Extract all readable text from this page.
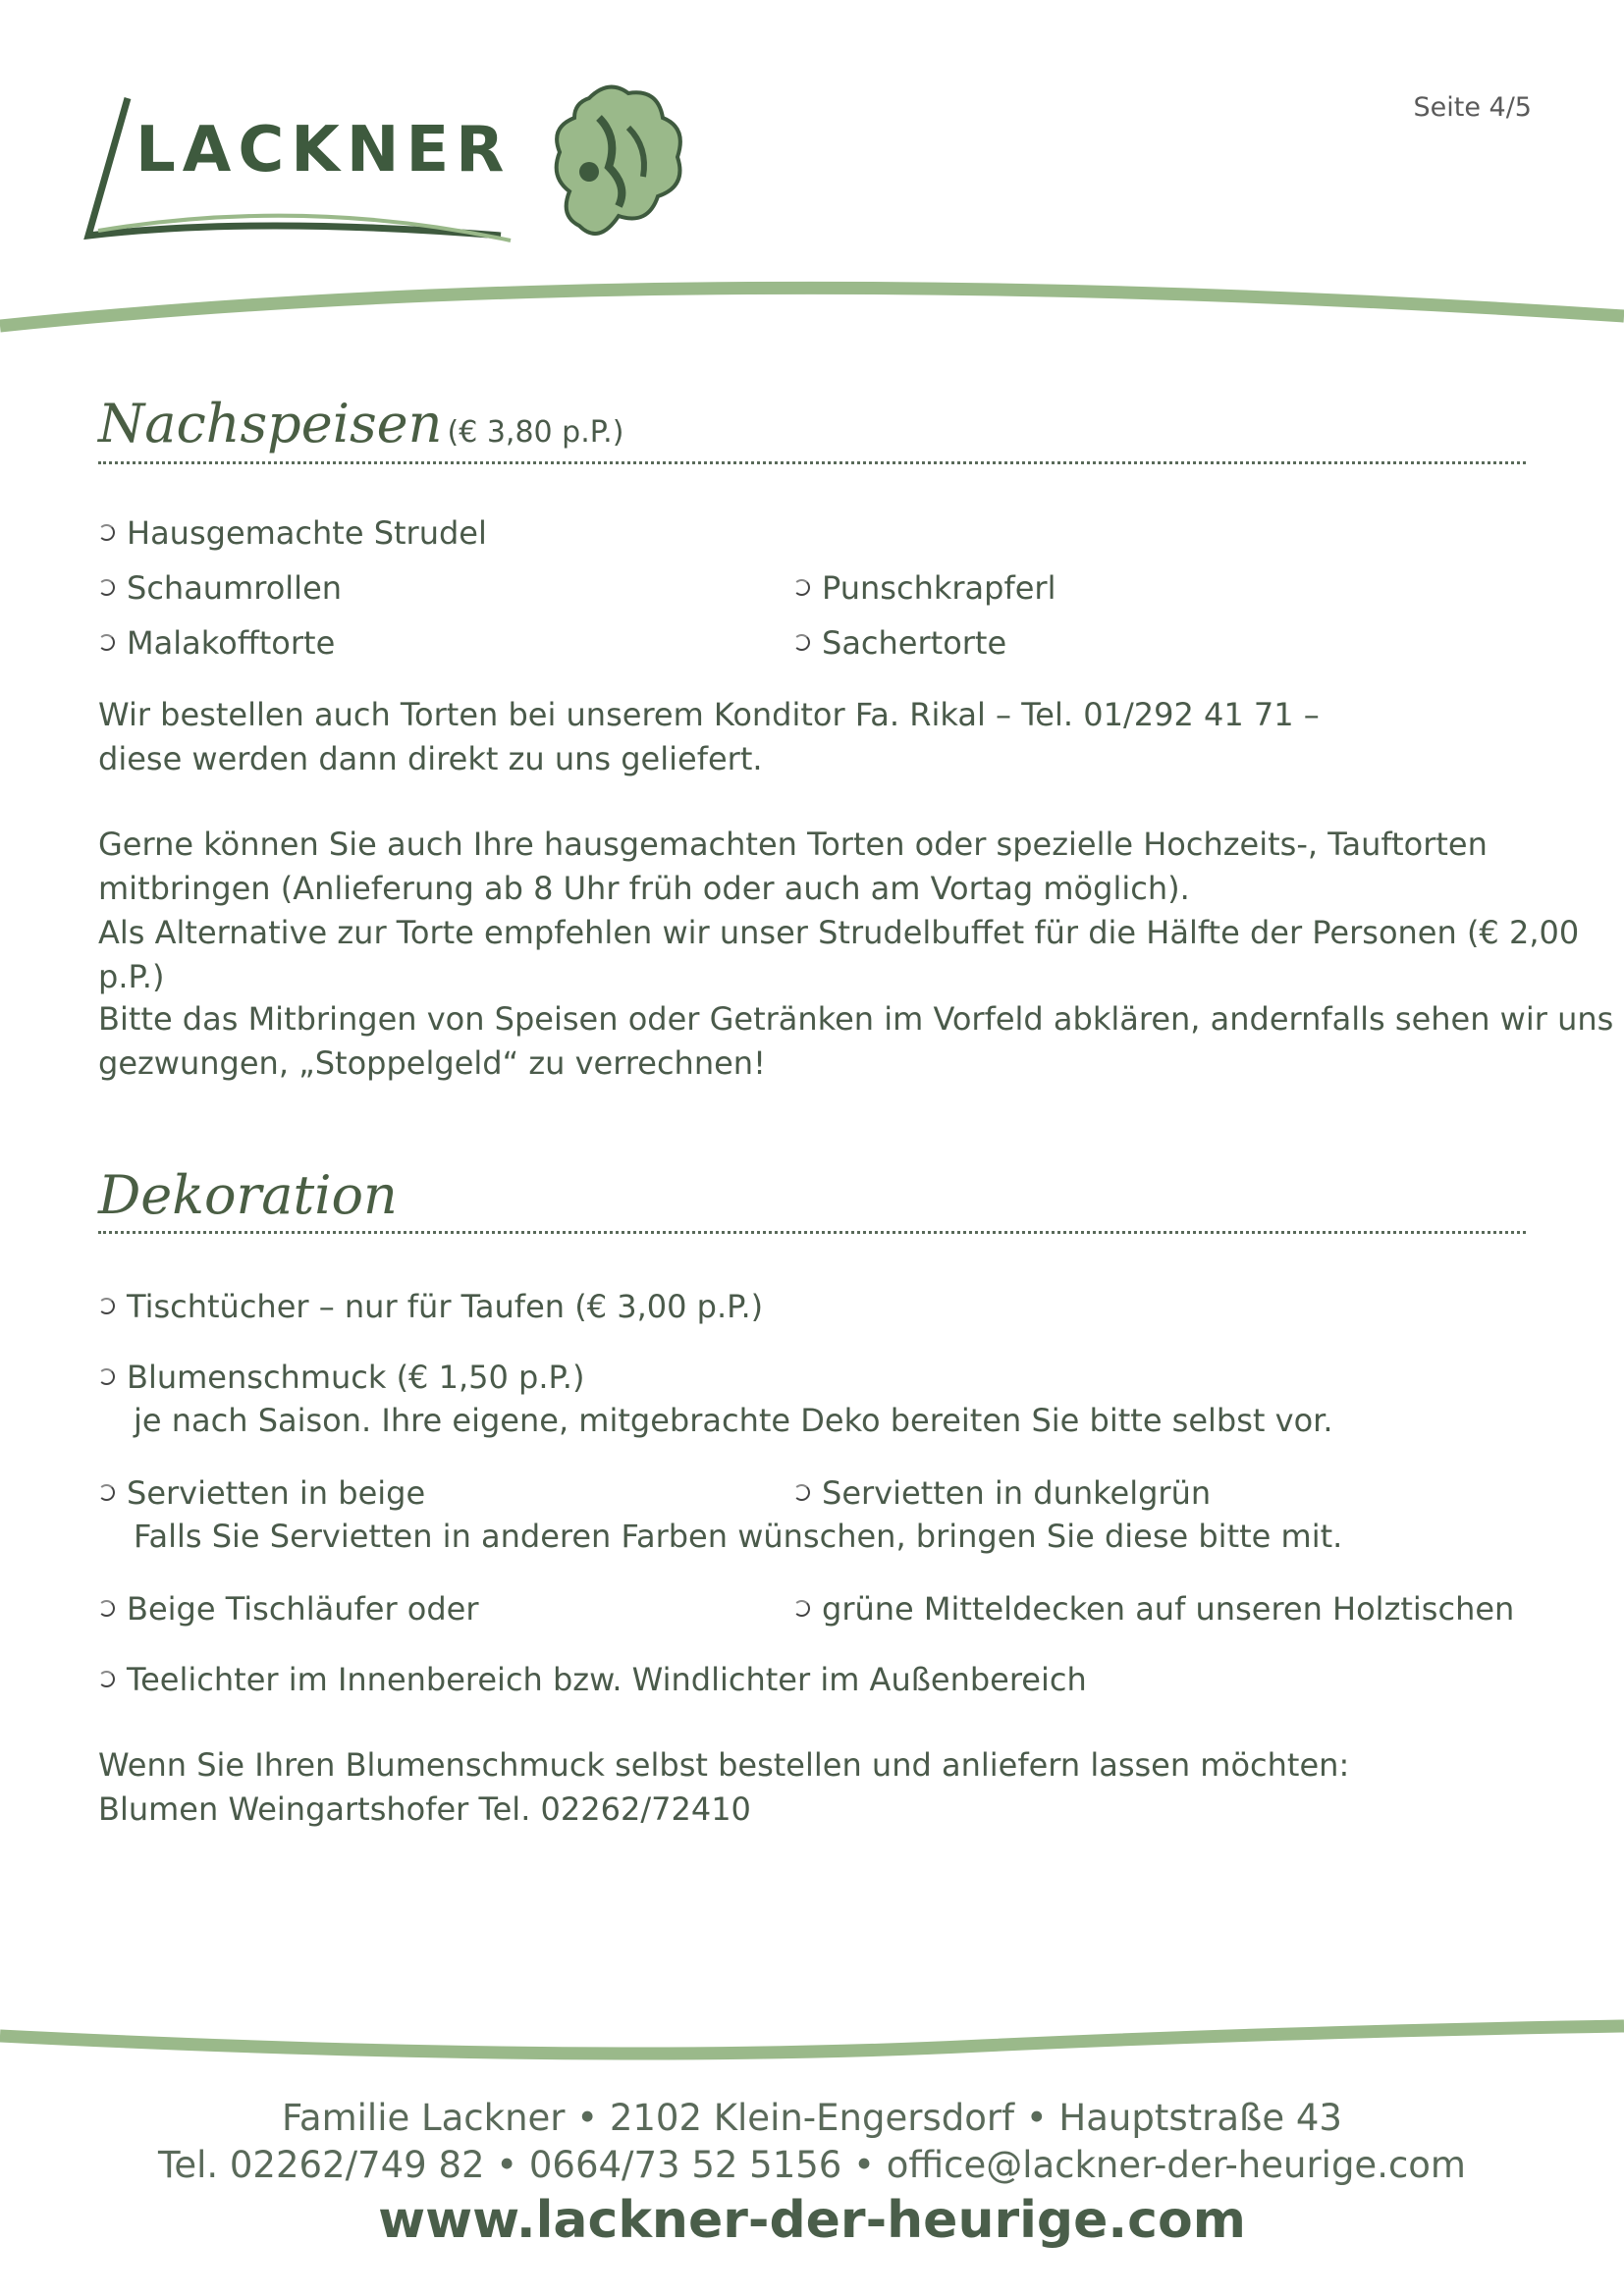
LACKNER
Seite 4/5
Nachspeisen (€ 3,80 p.P.)
Hausgemachte Strudel
Schaumrollen	Punschkrapferl
Malakofftorte	Sachertorte

Wir bestellen auch Torten bei unserem Konditor Fa. Rikal – Tel. 01/292 41 71 –

diese werden dann direkt zu uns geliefert.

Gerne können Sie auch Ihre hausgemachten Torten oder spezielle Hochzeits-, Tauftorten

mitbringen (Anlieferung ab 8 Uhr früh oder auch am Vortag möglich).

Als Alternative zur Torte empfehlen wir unser Strudelbuffet für die Hälfte der Personen (€ 2,00 p.P.)

Bitte das Mitbringen von Speisen oder Getränken im Vorfeld abklären, andernfalls sehen wir uns

gezwungen, „Stoppelgeld“ zu verrechnen!

Dekoration
Tischtücher – nur für Taufen (€ 3,00 p.P.)
Blumenschmuck (€ 1,50 p.P.)
je nach Saison. Ihre eigene, mitgebrachte Deko bereiten Sie bitte selbst vor.
Servietten in beige	Servietten in dunkelgrün
Falls Sie Servietten in anderen Farben wünschen, bringen Sie diese bitte mit.
Beige Tischläufer oder	grüne Mitteldecken auf unseren Holztischen
Teelichter im Innenbereich bzw. Windlichter im Außenbereich

Wenn Sie Ihren Blumenschmuck selbst bestellen und anliefern lassen möchten:

Blumen Weingartshofer Tel. 02262/72410

Familie Lackner • 2102 Klein-Engersdorf • Hauptstraße 43
Tel. 02262/749 82 • 0664/73 52 5156 • office@lackner-der-heurige.com
www.lackner-der-heurige.com
